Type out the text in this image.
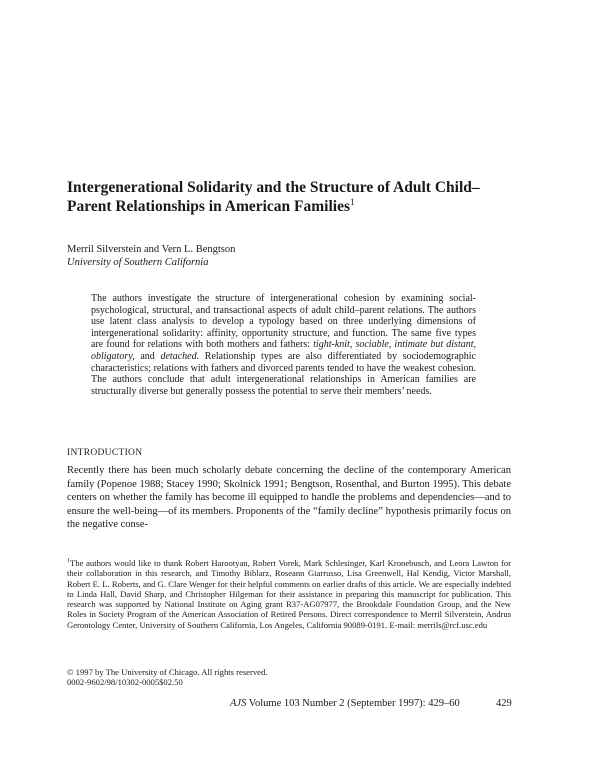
Intergenerational Solidarity and the Structure of Adult Child–Parent Relationships in American Families$^1$
Merril Silverstein and Vern L. Bengtson
University of Southern California

The authors investigate the structure of intergenerational cohesion by examining social-psychological, structural, and transactional aspects of adult child–parent relations. The authors use latent class analysis to develop a typology based on three underlying dimensions of intergenerational solidarity: affinity, opportunity structure, and function. The same five types are found for relations with both mothers and fathers: tight-knit, sociable, intimate but distant, obligatory, and detached. Relationship types are also differentiated by sociodemographic characteristics; relations with fathers and divorced parents tended to have the weakest cohesion. The authors conclude that adult intergenerational relationships in American families are structurally diverse but generally possess the potential to serve their members’ needs.

INTRODUCTION

Recently there has been much scholarly debate concerning the decline of the contemporary American family (Popenoe 1988; Stacey 1990; Skolnick 1991; Bengtson, Rosenthal, and Burton 1995). This debate centers on whether the family has become ill equipped to handle the problems and dependencies—and to ensure the well-being—of its members. Proponents of the “family decline” hypothesis primarily focus on the negative conse-

$^1$The authors would like to thank Robert Harootyan, Robert Vorek, Mark Schlesinger, Karl Kronebusch, and Leora Lawton for their collaboration in this research, and Timothy Biblarz, Roseann Giarrusso, Lisa Greenwell, Hal Kendig, Victor Marshall, Robert E. L. Roberts, and G. Clare Wenger for their helpful comments on earlier drafts of this article. We are especially indebted to Linda Hall, David Sharp, and Christopher Hilgeman for their assistance in preparing this manuscript for publication. This research was supported by National Institute on Aging grant R37-AG07977, the Brookdale Foundation Group, and the New Roles in Society Program of the American Association of Retired Persons. Direct correspondence to Merril Silverstein, Andrus Gerontology Center, University of Southern California, Los Angeles, California 90089-0191. E-mail: merrils@rcf.usc.edu

© 1997 by The University of Chicago. All rights reserved.
0002-9602/98/10302-0005$02.50
AJS Volume 103 Number 2 (September 1997): 429–60	429
